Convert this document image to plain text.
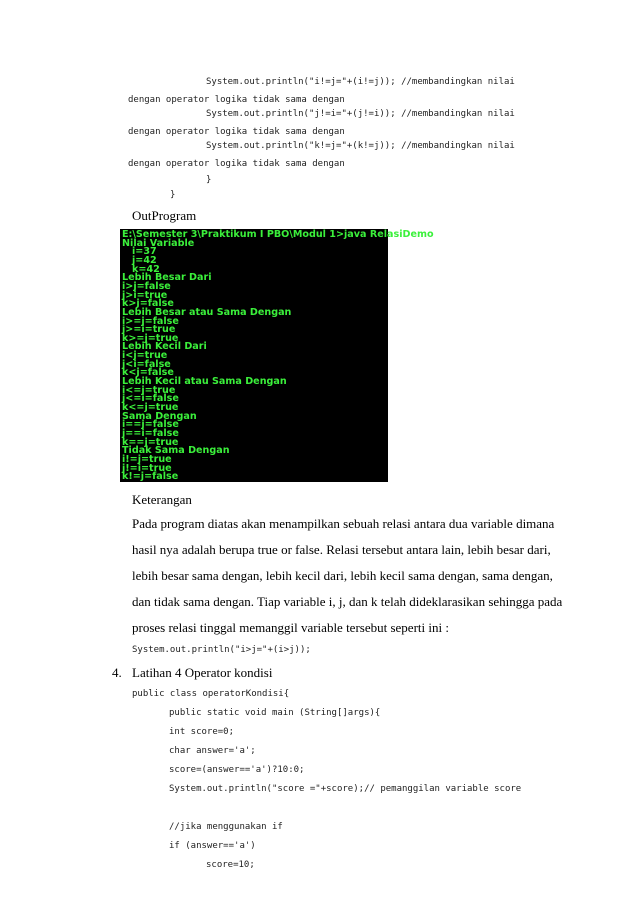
System.out.println("i!=j="+(i!=j)); //membandingkan nilai
dengan operator logika tidak sama dengan
System.out.println("j!=i="+(j!=i)); //membandingkan nilai
dengan operator logika tidak sama dengan
System.out.println("k!=j="+(k!=j)); //membandingkan nilai
dengan operator logika tidak sama dengan
}
}
OutProgram
E:\Semester 3\Praktikum I PBO\Modul 1>java RelasiDemo
Nilai Variable
i=37
j=42
k=42
Lebih Besar Dari
i>j=false
j>i=true
k>j=false
Lebih Besar atau Sama Dengan
i>=j=false
j>=i=true
k>=j=true
Lebih Kecil Dari
i<j=true
j<i=false
k<j=false
Lebih Kecil atau Sama Dengan
i<=j=true
j<=i=false
k<=j=true
Sama Dengan
i==j=false
j==i=false
k==j=true
Tidak Sama Dengan
i!=j=true
j!=i=true
k!=j=false
Keterangan
Pada program diatas akan menampilkan sebuah relasi antara dua variable dimana
hasil nya adalah berupa true or false. Relasi tersebut antara lain, lebih besar dari,
lebih besar sama dengan, lebih kecil dari, lebih kecil sama dengan, sama dengan,
dan tidak sama dengan. Tiap variable i, j, dan k telah dideklarasikan sehingga pada
proses relasi tinggal memanggil variable tersebut seperti ini :
System.out.println("i>j="+(i>j));
4. Latihan 4 Operator kondisi
public class operatorKondisi{
public static void main (String[]args){
int score=0;
char answer='a';
score=(answer=='a')?10:0;
System.out.println("score ="+score);// pemanggilan variable score
//jika menggunakan if
if (answer=='a')
score=10;
